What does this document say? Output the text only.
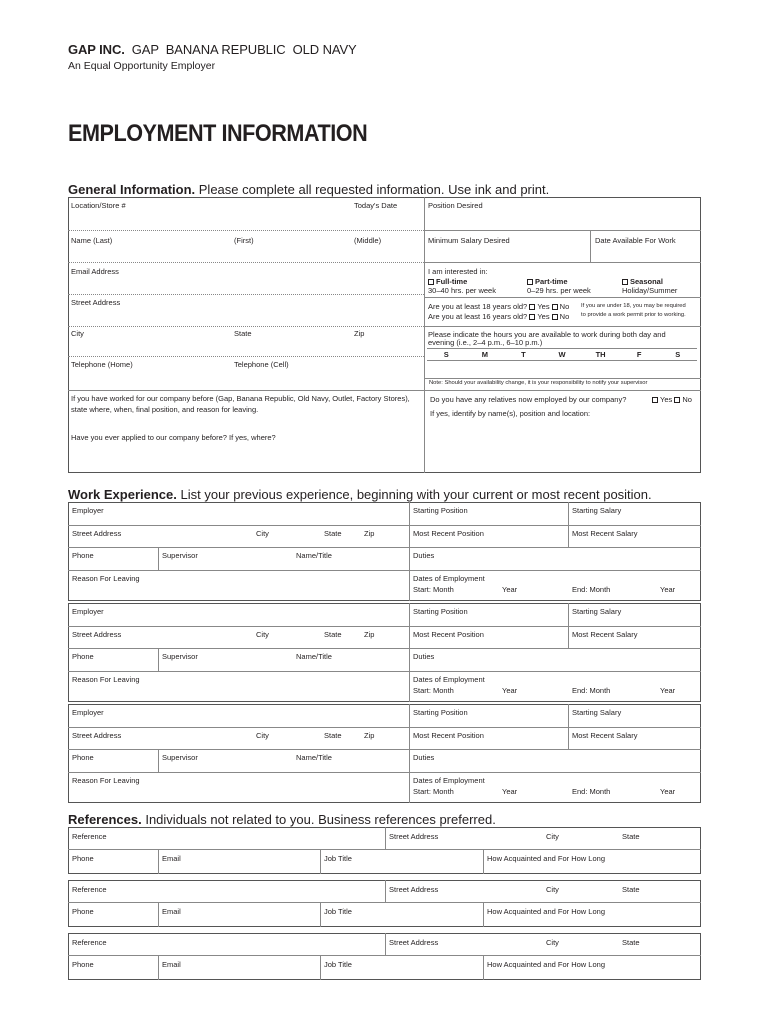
GAP INC. GAP  BANANA REPUBLIC  OLD NAVY
An Equal Opportunity Employer
EMPLOYMENT INFORMATION
General Information. Please complete all requested information. Use ink and print.
Location/Store #	Today's Date	Position Desired
Name (Last)	(First)	(Middle)	Minimum Salary Desired	Date Available For Work
Email Address
Street Address
City	State	Zip
Telephone (Home)	Telephone (Cell)
I am interested in:
Full-time
30–40 hrs. per week
Part-time
0–29 hrs. per week
Seasonal
Holiday/Summer
Are you at least 18 years old? Yes No
Are you at least 16 years old? Yes No
If you are under 18, you may be required
to provide a work permit prior to working.
Please indicate the hours you are available to work during both day and
evening (i.e., 2–4 p.m., 6–10 p.m.)
S	M	T	W	TH	F	S
Note: Should your availability change, it is your responsibility to notify your supervisor
If you have worked for our company before (Gap, Banana Republic, Old Navy, Outlet, Factory Stores),
state where, when, final position, and reason for leaving.
Have you ever applied to our company before? If yes, where?
Do you have any relatives now employed by our company?	Yes No
If yes, identify by name(s), position and location:
Work Experience. List your previous experience, beginning with your current or most recent position.
Employer	Starting Position	Starting Salary
Street Address	City	State	Zip	Most Recent Position	Most Recent Salary
Phone	Supervisor	Name/Title	Duties
Reason For Leaving	Dates of Employment
Start: Month	Year	End: Month	Year
Employer	Starting Position	Starting Salary
Street Address	City	State	Zip	Most Recent Position	Most Recent Salary
Phone	Supervisor	Name/Title	Duties
Reason For Leaving	Dates of Employment
Start: Month	Year	End: Month	Year
Employer	Starting Position	Starting Salary
Street Address	City	State	Zip	Most Recent Position	Most Recent Salary
Phone	Supervisor	Name/Title	Duties
Reason For Leaving	Dates of Employment
Start: Month	Year	End: Month	Year
References. Individuals not related to you. Business references preferred.
Reference	Street Address	City	State
Phone	Email	Job Title	How Acquainted and For How Long
Reference	Street Address	City	State
Phone	Email	Job Title	How Acquainted and For How Long
Reference	Street Address	City	State
Phone	Email	Job Title	How Acquainted and For How Long
